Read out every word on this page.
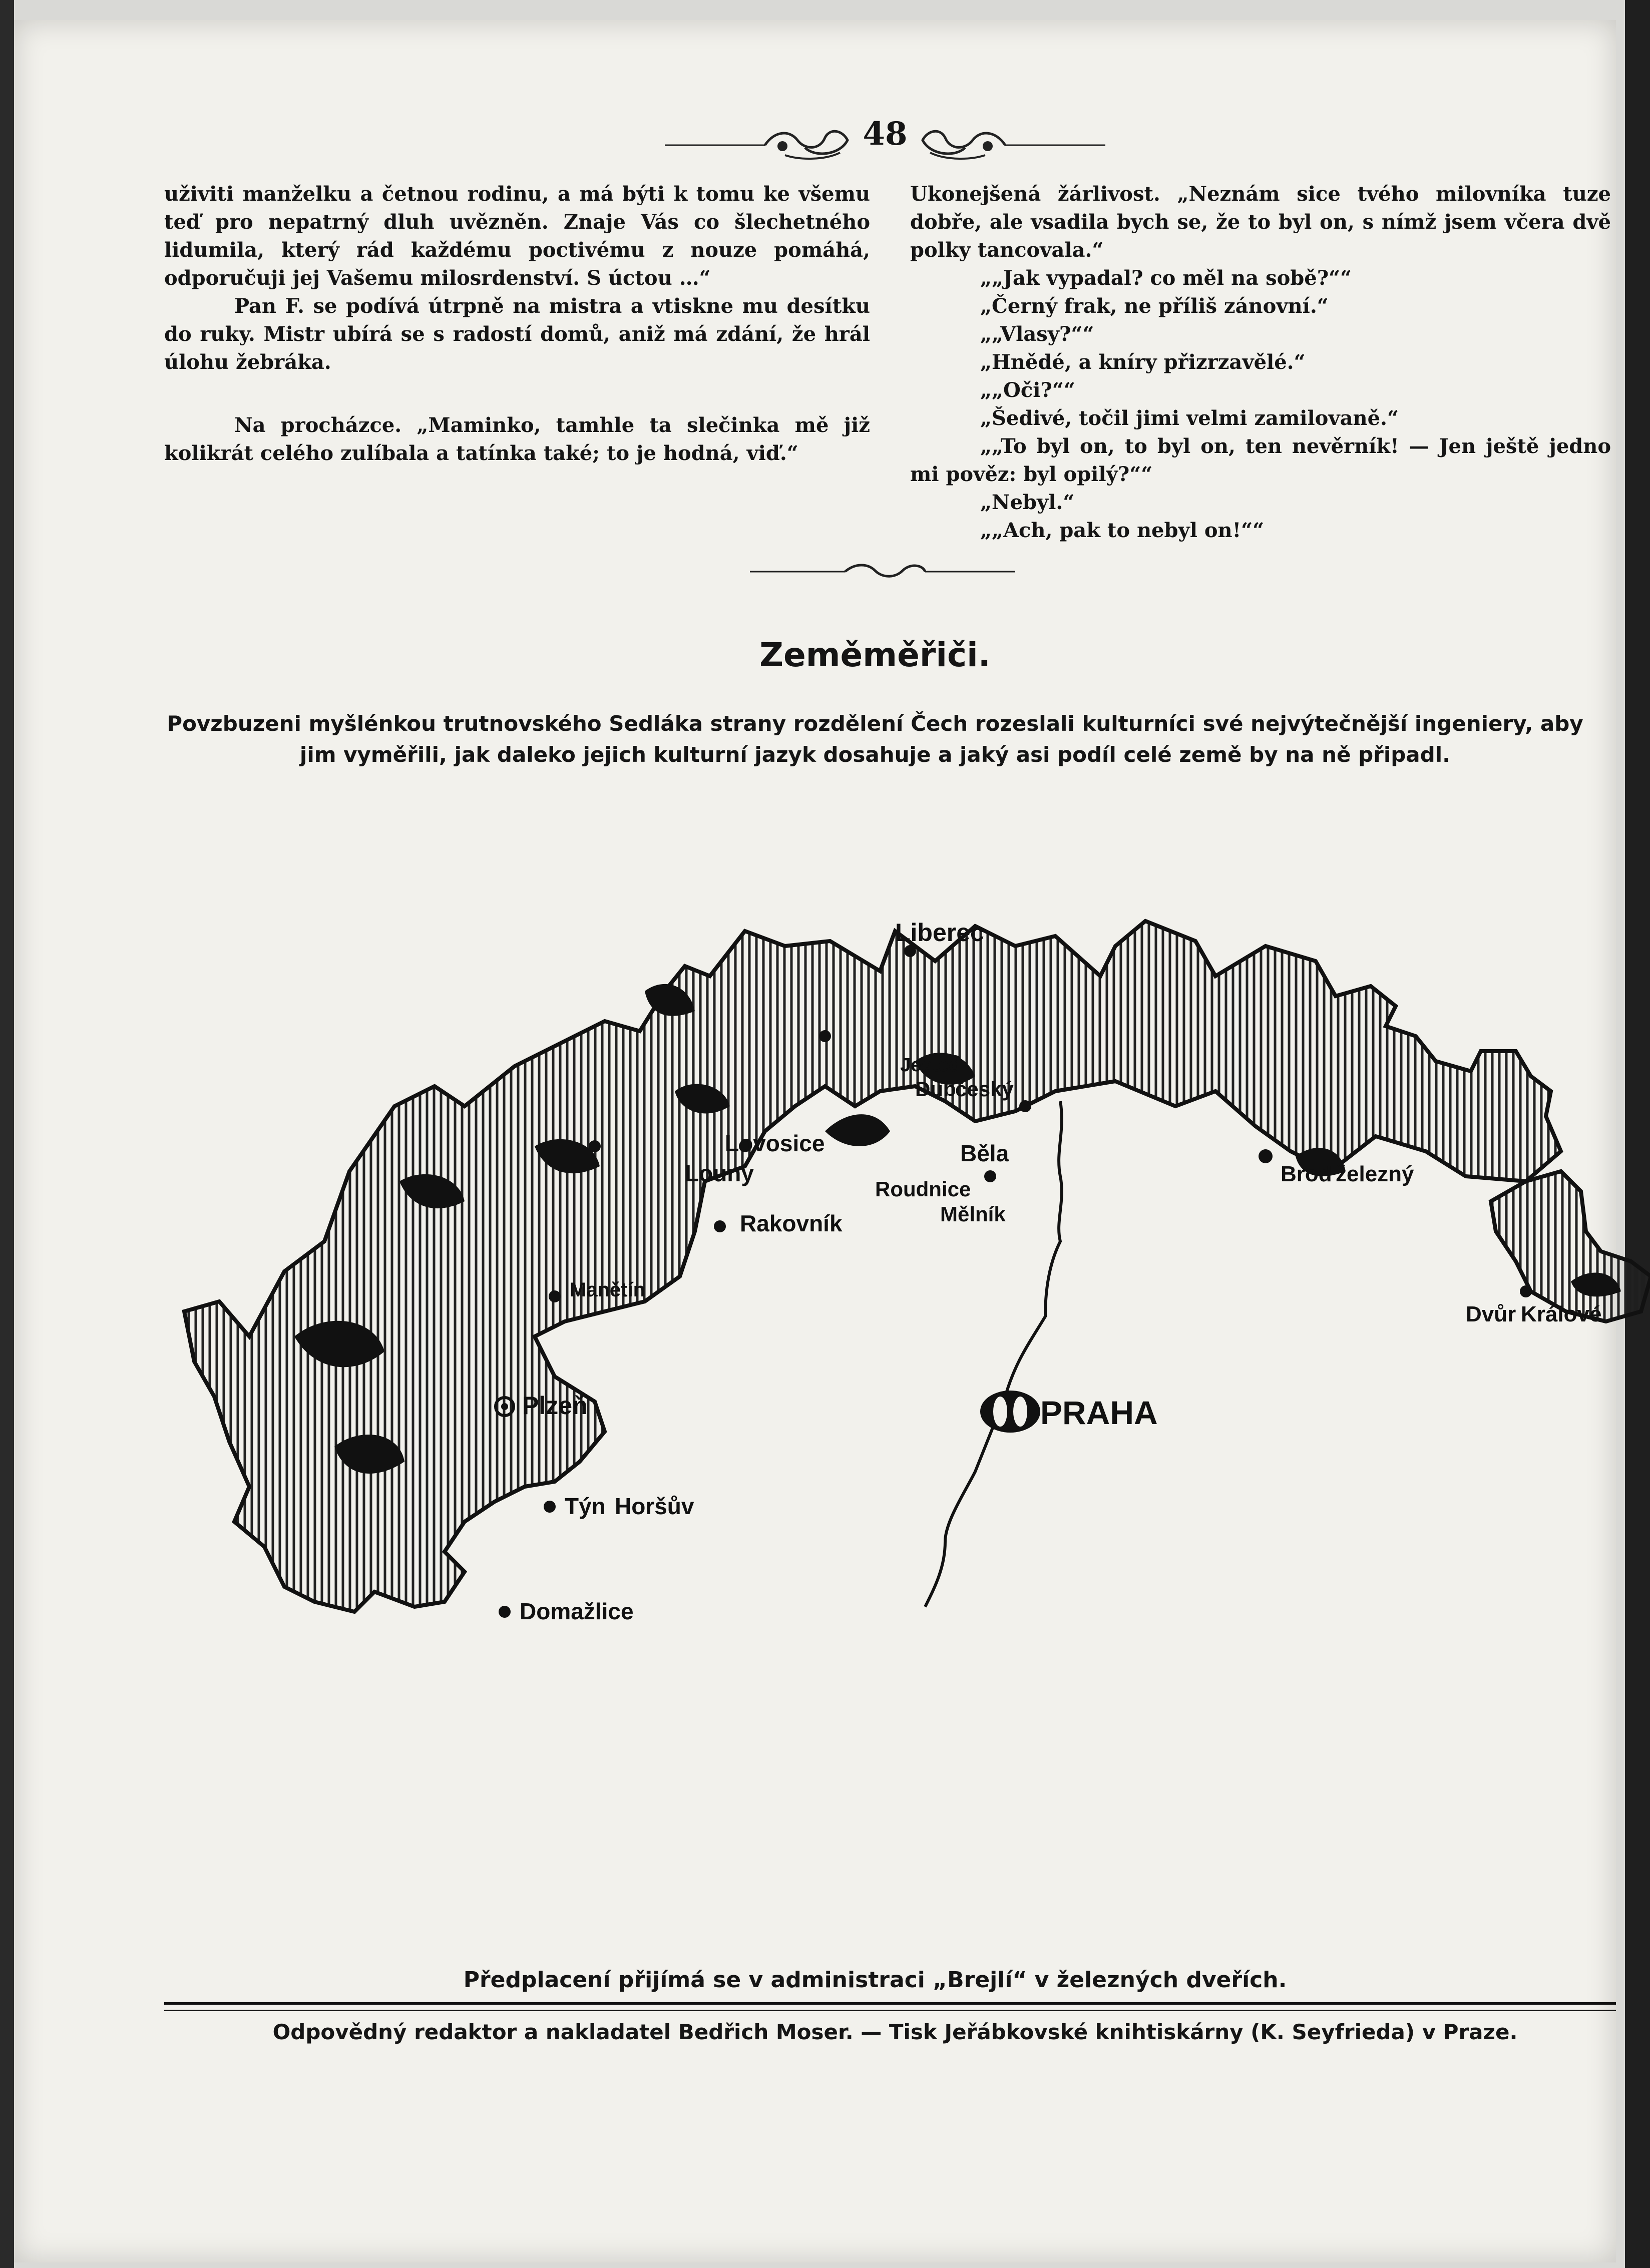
48

uživiti manželku a četnou rodinu, a má býti k tomu ke všemu teď pro nepatrný dluh uvězněn. Znaje Vás co šlechetného lidumila, který rád každému poctivému z nouze pomáhá, odporučuji jej Vašemu milosrdenství. S úctou …“

Pan F. se podívá útrpně na mistra a vtiskne mu desítku do ruky. Mistr ubírá se s radostí domů, aniž má zdání, že hrál úlohu žebráka.

Na procházce. „Maminko, tamhle ta slečinka mě již kolikrát celého zulíbala a tatínka také; to je hodná, viď.“

Ukonejšená žárlivost. „Neznám sice tvého milovníka tuze dobře, ale vsadila bych se, že to byl on, s nímž jsem včera dvě polky tancovala.“

„„Jak vypadal? co měl na sobě?““

„Černý frak, ne příliš zánovní.“

„„Vlasy?““

„Hnědé, a kníry přizrzavělé.“

„„Oči?““

„Šedivé, točil jimi velmi zamilovaně.“

„„To byl on, to byl on, ten nevěrník! — Jen ještě jedno mi pověz: byl opilý?““

„Nebyl.“

„„Ach, pak to nebyl on!““

Zeměměřiči.
Povzbuzeni myšlénkou trutnovského Sedláka strany rozdělení Čech rozeslali kulturníci své nejvýtečnější ingeniery, aby jim vyměřili, jak daleko jejich kulturní jazyk dosahuje a jaký asi podíl celé země by na ně připadl.
Liberec
Ještěd
Dub
český
Běla
Brod železný
Lovosice
Louny
Roudnice
Mělník
Rakovník
Manětín
Plzeň	PRAHA
Týn Horšův
Domažlice
Dvůr Králové
Předplacení přijímá se v administraci „Brejlí“ v železných dveřích.
Odpovědný redaktor a nakladatel Bedřich Moser. — Tisk Jeřábkovské knihtiskárny (K. Seyfrieda) v Praze.
